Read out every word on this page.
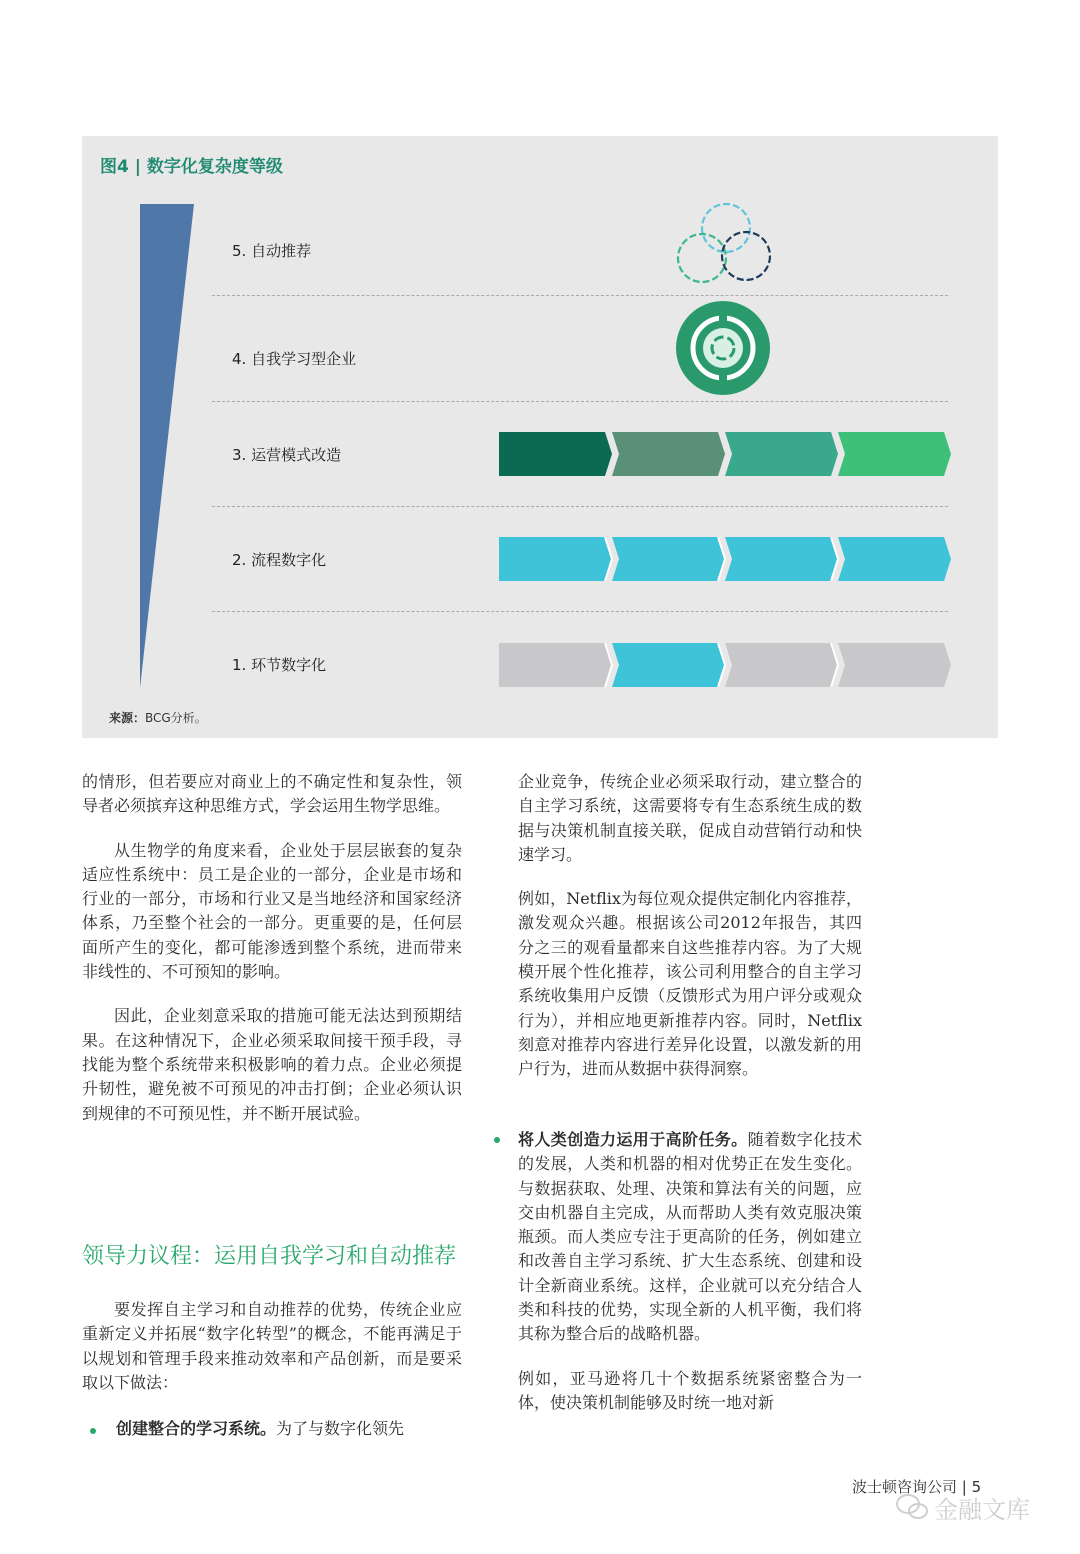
图4 | 数字化复杂度等级
5. 自动推荐
4. 自我学习型企业
3. 运营模式改造
2. 流程数字化
1. 环节数字化
来源：BCG分析。

的情形，但若要应对商业上的不确定性和复杂性，领导者必须摈弃这种思维方式，学会运用生物学思维。

从生物学的角度来看，企业处于层层嵌套的复杂适应性系统中：员工是企业的一部分，企业是市场和行业的一部分，市场和行业又是当地经济和国家经济体系，乃至整个社会的一部分。更重要的是，任何层面所产生的变化，都可能渗透到整个系统，进而带来非线性的、不可预知的影响。

因此，企业刻意采取的措施可能无法达到预期结果。在这种情况下，企业必须采取间接干预手段，寻找能为整个系统带来积极影响的着力点。企业必须提升韧性，避免被不可预见的冲击打倒；企业必须认识到规律的不可预见性，并不断开展试验。

领导力议程：运用自我学习和自动推荐

要发挥自主学习和自动推荐的优势，传统企业应重新定义并拓展“数字化转型”的概念，不能再满足于以规划和管理手段来推动效率和产品创新，而是要采取以下做法：

创建整合的学习系统。为了与数字化领先

企业竞争，传统企业必须采取行动，建立整合的自主学习系统，这需要将专有生态系统生成的数据与决策机制直接关联，促成自动营销行动和快速学习。

例如，Netflix为每位观众提供定制化内容推荐，激发观众兴趣。根据该公司2012年报告，其四分之三的观看量都来自这些推荐内容。为了大规模开展个性化推荐，该公司利用整合的自主学习系统收集用户反馈（反馈形式为用户评分或观众行为），并相应地更新推荐内容。同时，Netflix刻意对推荐内容进行差异化设置，以激发新的用户行为，进而从数据中获得洞察。

将人类创造力运用于高阶任务。随着数字化技术的发展，人类和机器的相对优势正在发生变化。与数据获取、处理、决策和算法有关的问题，应交由机器自主完成，从而帮助人类有效克服决策瓶颈。而人类应专注于更高阶的任务，例如建立和改善自主学习系统、扩大生态系统、创建和设计全新商业系统。这样，企业就可以充分结合人类和科技的优势，实现全新的人机平衡，我们将其称为整合后的战略机器。

例如，亚马逊将几十个数据系统紧密整合为一体，使决策机制能够及时统一地对新

波士顿咨询公司 | 5
金融文库
